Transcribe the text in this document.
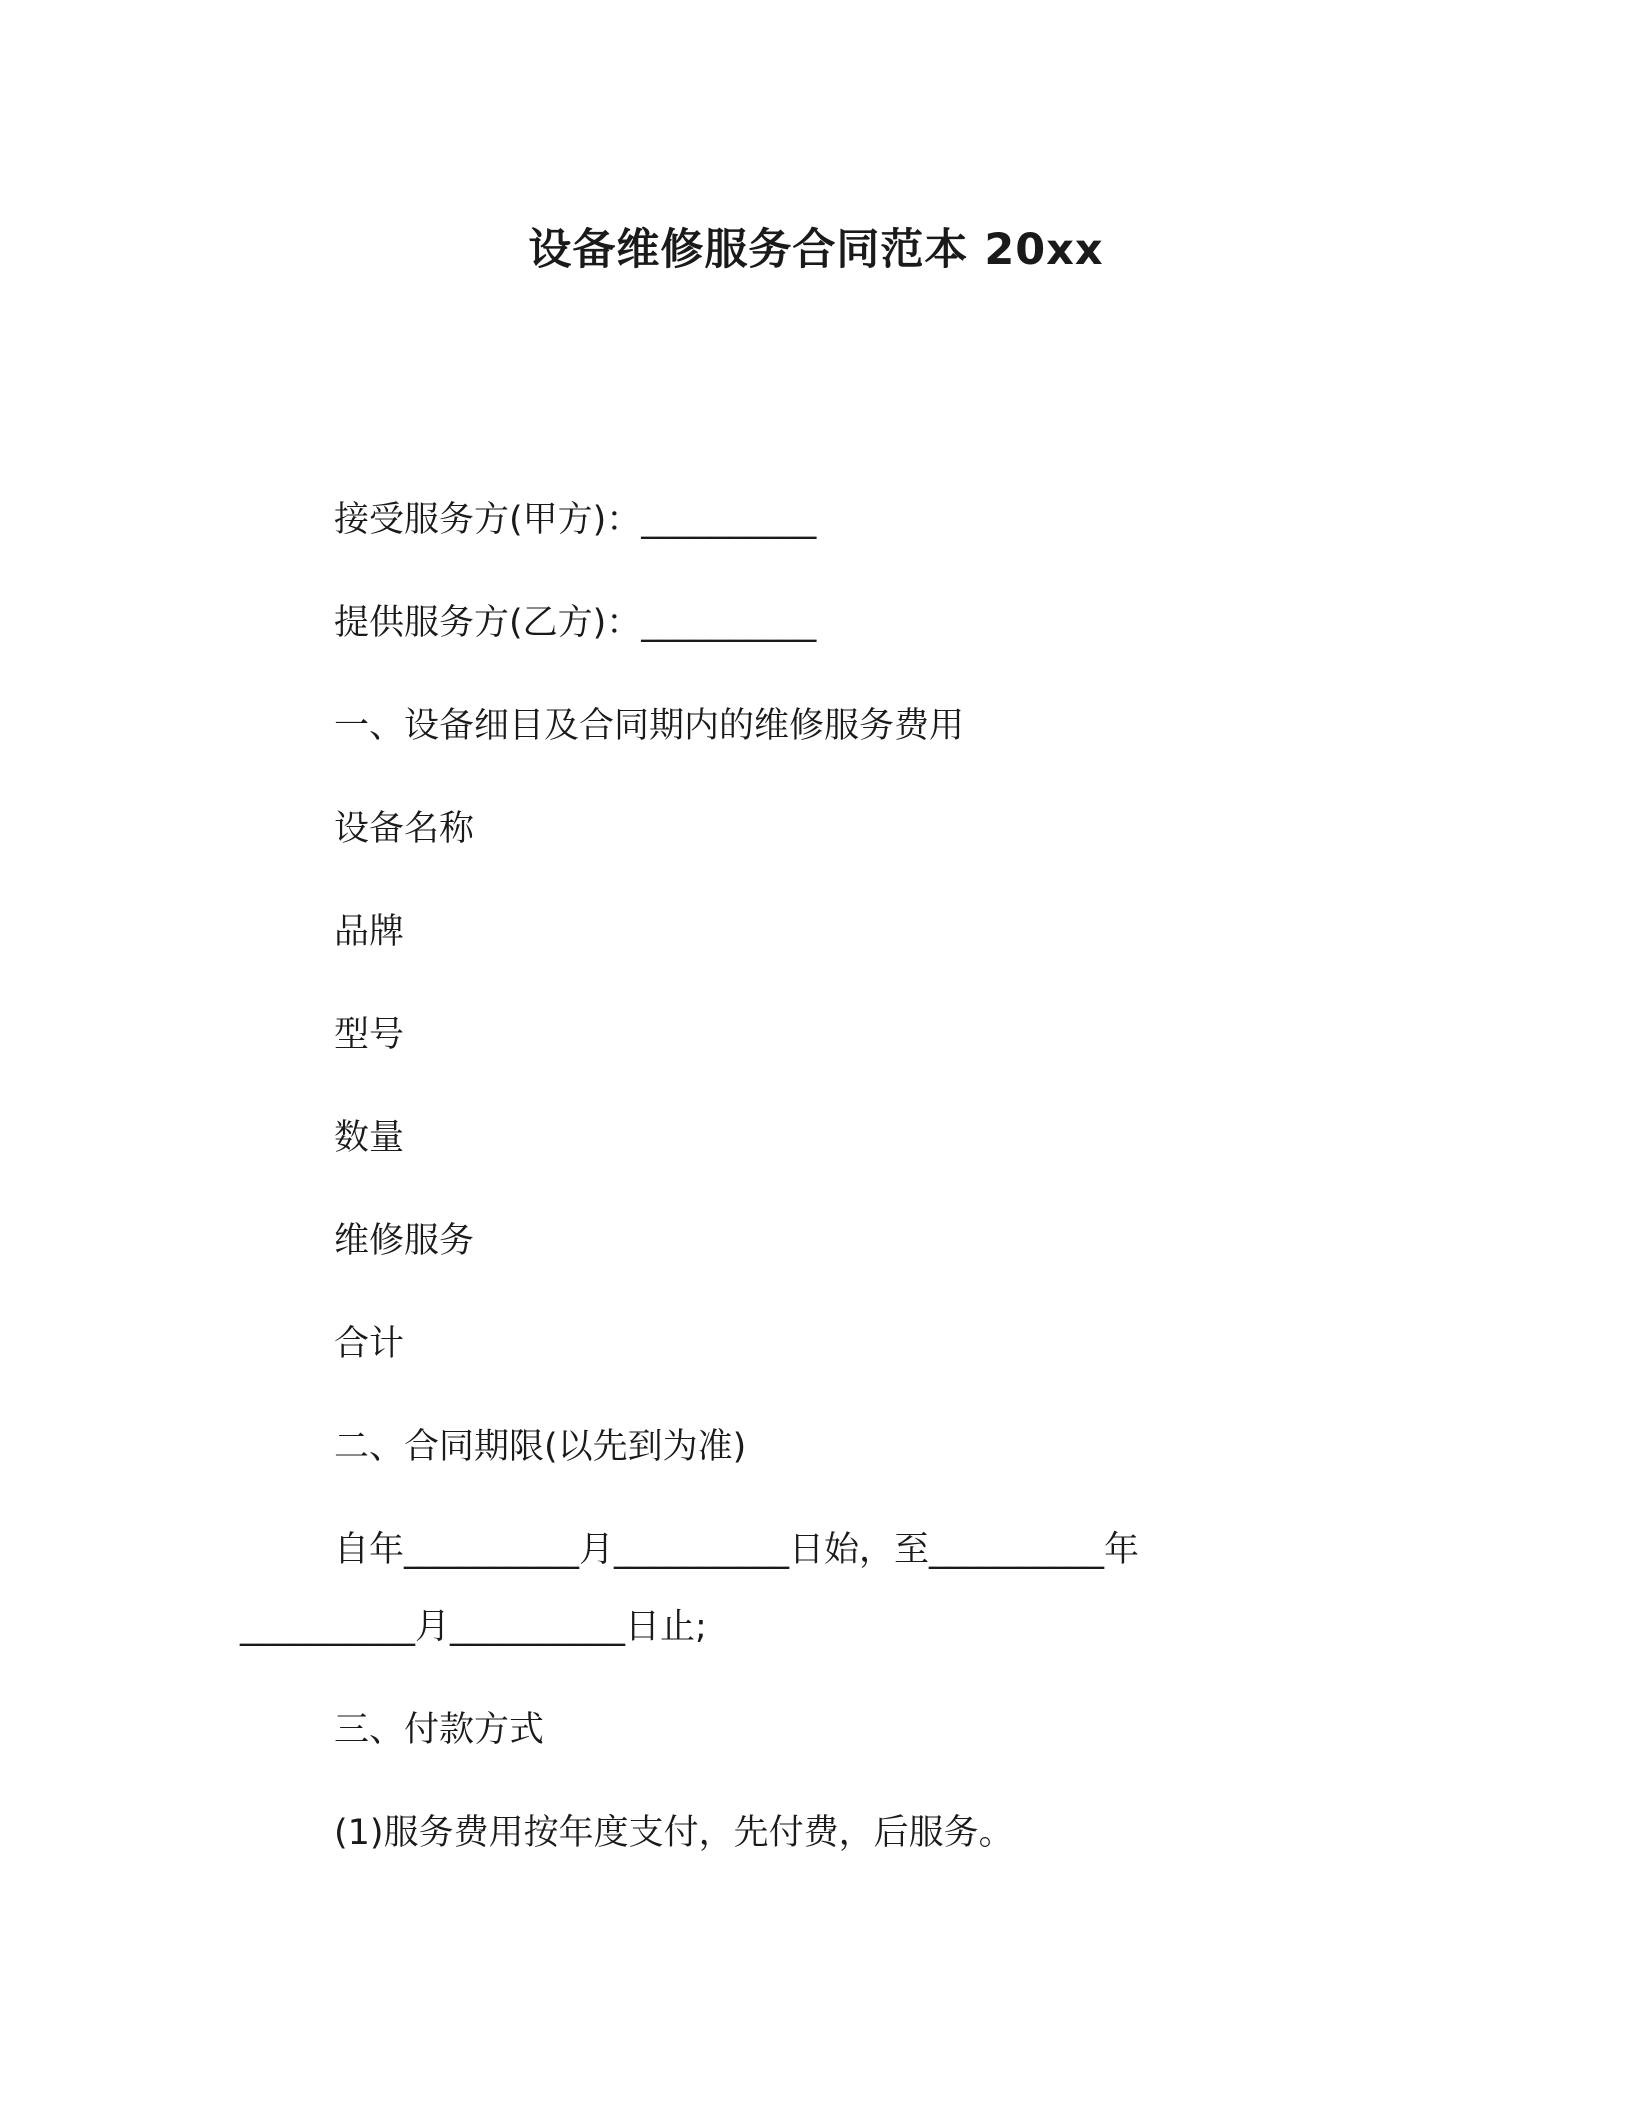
设备维修服务合同范本 20xx
接受服务方(甲方)：__________
提供服务方(乙方)：__________
一、设备细目及合同期内的维修服务费用
设备名称
品牌
型号
数量
维修服务
合计
二、合同期限(以先到为准)
自年__________月__________日始，至__________年
__________月__________日止;
三、付款方式
(1)服务费用按年度支付，先付费，后服务。
